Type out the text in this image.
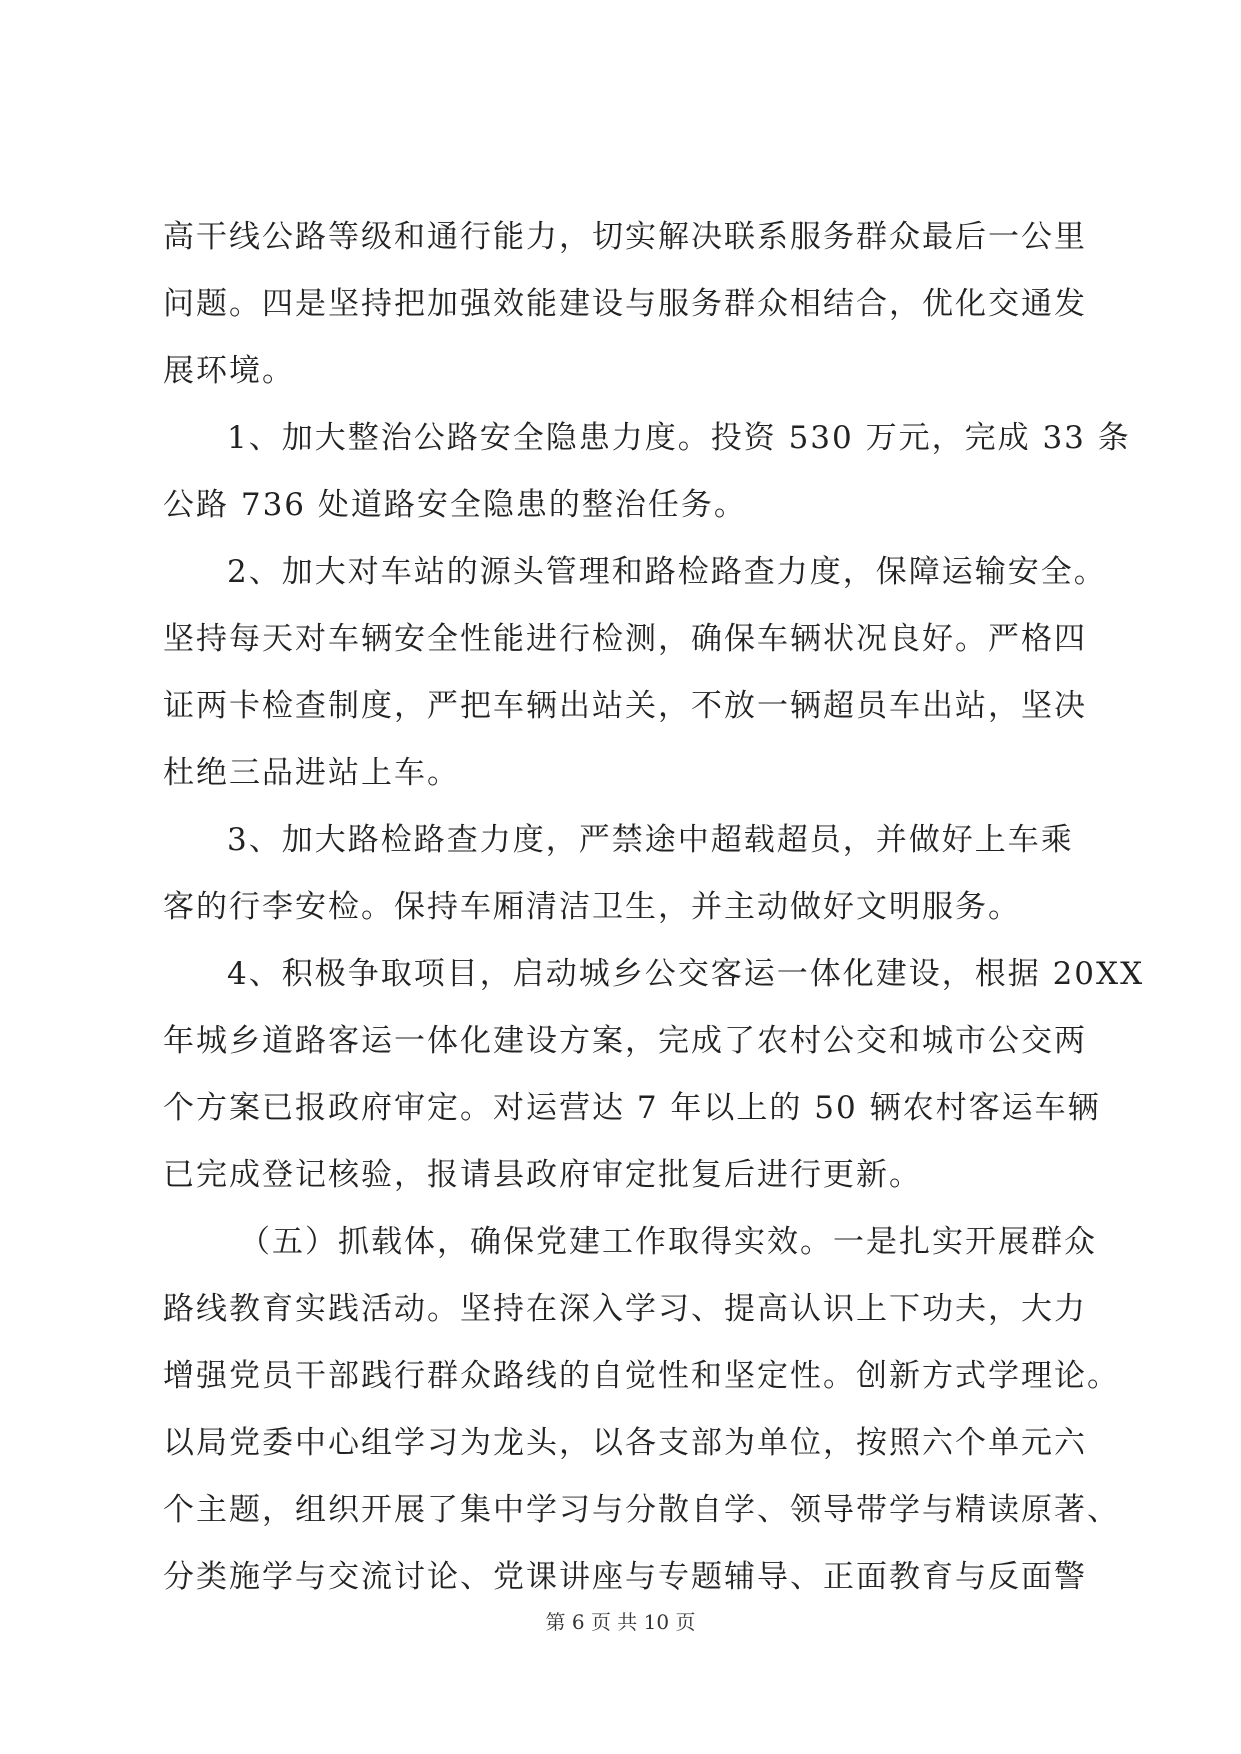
高干线公路等级和通行能力，切实解决联系服务群众最后一公里
问题。四是坚持把加强效能建设与服务群众相结合，优化交通发
展环境。
1、加大整治公路安全隐患力度。投资 530 万元，完成 33 条
公路 736 处道路安全隐患的整治任务。
2、加大对车站的源头管理和路检路查力度，保障运输安全。
坚持每天对车辆安全性能进行检测，确保车辆状况良好。严格四
证两卡检查制度，严把车辆出站关，不放一辆超员车出站，坚决
杜绝三品进站上车。
3、加大路检路查力度，严禁途中超载超员，并做好上车乘
客的行李安检。保持车厢清洁卫生，并主动做好文明服务。
4、积极争取项目，启动城乡公交客运一体化建设，根据 20XX
年城乡道路客运一体化建设方案，完成了农村公交和城市公交两
个方案已报政府审定。对运营达 7 年以上的 50 辆农村客运车辆
已完成登记核验，报请县政府审定批复后进行更新。
（五）抓载体，确保党建工作取得实效。一是扎实开展群众
路线教育实践活动。坚持在深入学习、提高认识上下功夫，大力
增强党员干部践行群众路线的自觉性和坚定性。创新方式学理论。
以局党委中心组学习为龙头，以各支部为单位，按照六个单元六
个主题，组织开展了集中学习与分散自学、领导带学与精读原著、
分类施学与交流讨论、党课讲座与专题辅导、正面教育与反面警
第 6 页 共 10 页
